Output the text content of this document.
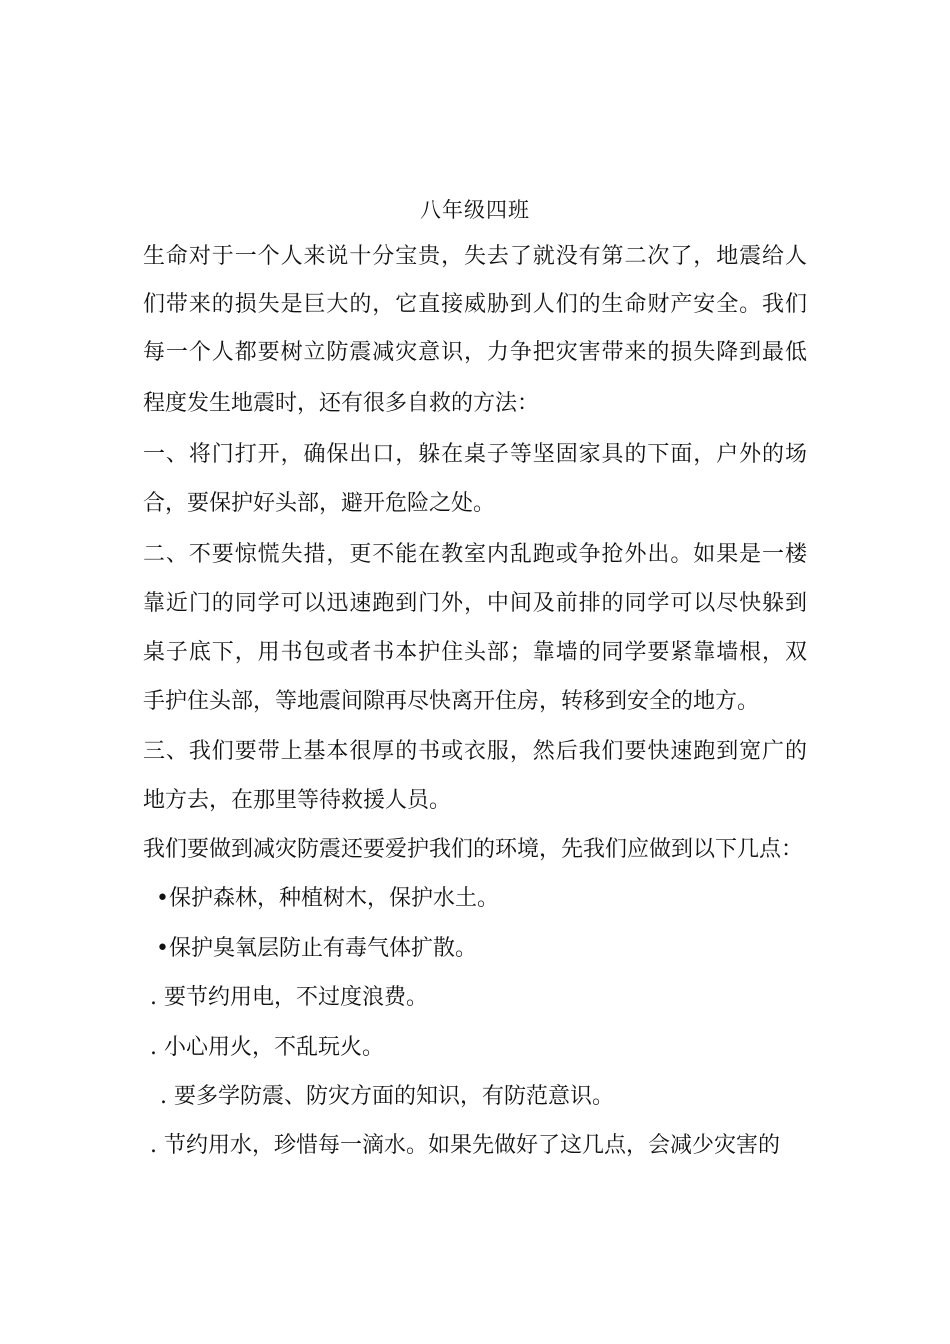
八年级四班
生命对于一个人来说十分宝贵，失去了就没有第二次了，地震给人
们带来的损失是巨大的，它直接威胁到人们的生命财产安全。我们
每一个人都要树立防震减灾意识，力争把灾害带来的损失降到最低
程度发生地震时，还有很多自救的方法：
一、将门打开，确保出口，躲在桌子等坚固家具的下面，户外的场
合，要保护好头部，避开危险之处。
二、不要惊慌失措，更不能在教室内乱跑或争抢外出。如果是一楼
靠近门的同学可以迅速跑到门外，中间及前排的同学可以尽快躲到
桌子底下，用书包或者书本护住头部；靠墙的同学要紧靠墙根，双
手护住头部，等地震间隙再尽快离开住房，转移到安全的地方。
三、我们要带上基本很厚的书或衣服，然后我们要快速跑到宽广的
地方去，在那里等待救援人员。
我们要做到减灾防震还要爱护我们的环境，先我们应做到以下几点：
•保护森林，种植树木，保护水土。
•保护臭氧层防止有毒气体扩散。
. 要节约用电，不过度浪费。
. 小心用火，不乱玩火。
. 要多学防震、防灾方面的知识，有防范意识。
. 节约用水，珍惜每一滴水。如果先做好了这几点，会减少灾害的
